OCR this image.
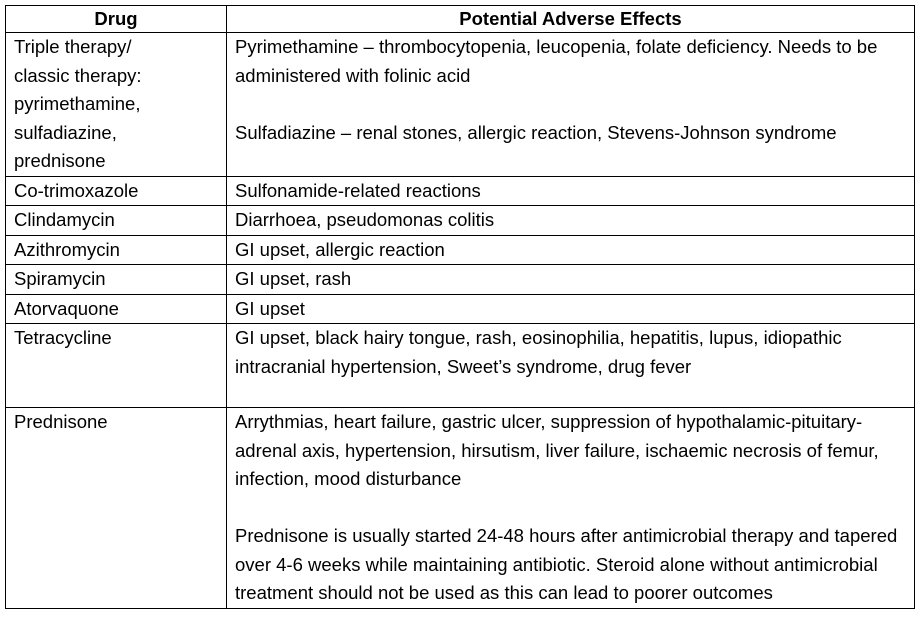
Drug	Potential Adverse Effects

Triple therapy/
classic therapy:
pyrimethamine,
sulfadiazine,
prednisone	Pyrimethamine – thrombocytopenia, leucopenia, folate deficiency. Needs to be administered with folinic acid
Sulfadiazine – renal stones, allergic reaction, Stevens-Johnson syndrome

Co-trimoxazole	Sulfonamide-related reactions
Clindamycin	Diarrhoea, pseudomonas colitis
Azithromycin	GI upset, allergic reaction
Spiramycin	GI upset, rash
Atorvaquone	GI upset
Tetracycline	GI upset, black hairy tongue, rash, eosinophilia, hepatitis, lupus, idiopathic intracranial hypertension, Sweet’s syndrome, drug fever

Prednisone	Arrythmias, heart failure, gastric ulcer, suppression of hypothalamic-pituitary-adrenal axis, hypertension, hirsutism, liver failure, ischaemic necrosis of femur, infection, mood disturbance
Prednisone is usually started 24-48 hours after antimicrobial therapy and tapered over 4-6 weeks while maintaining antibiotic. Steroid alone without antimicrobial treatment should not be used as this can lead to poorer outcomes
